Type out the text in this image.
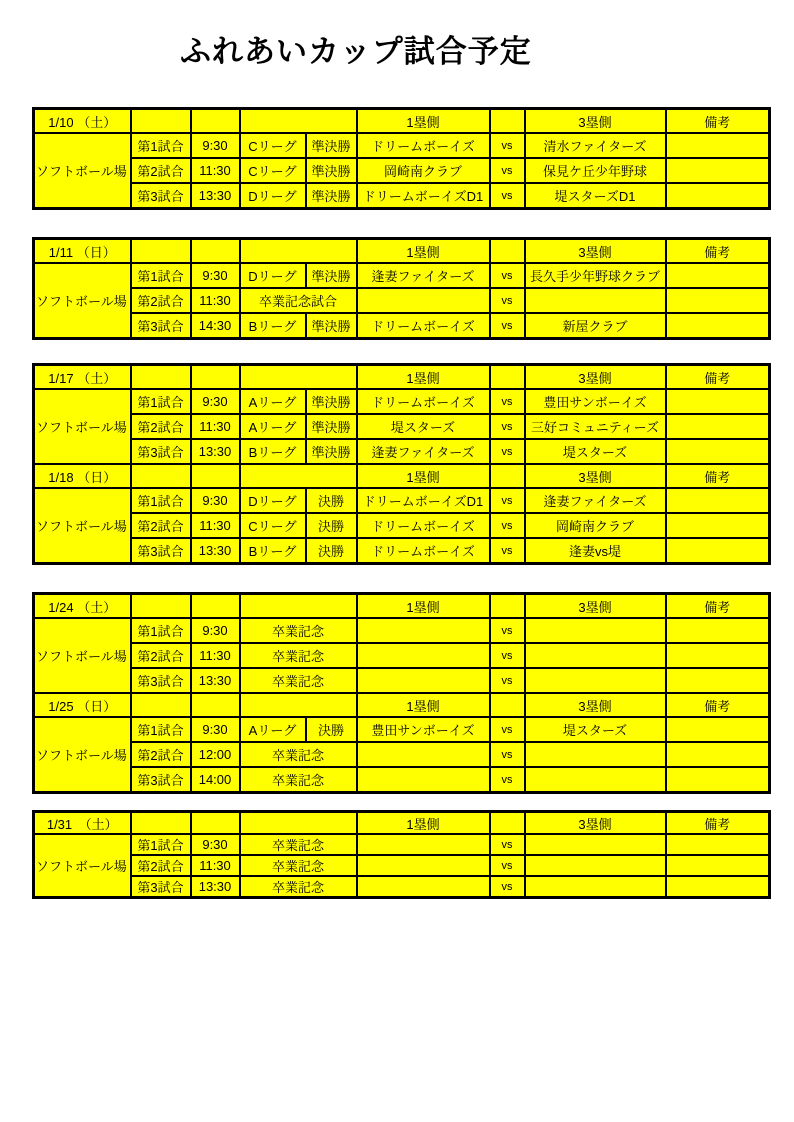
ふれあいカップ試合予定
1/10 （土）					1塁側		3塁側	備考
ソフトボール場	第1試合	9:30	Cリーグ	準決勝	ドリームボーイズ	vs	清水ファイターズ	
	第2試合	11:30	Cリーグ	準決勝	岡崎南クラブ	vs	保見ケ丘少年野球	
	第3試合	13:30	Dリーグ	準決勝	ドリームボーイズD1	vs	堤スターズD1	
1/11 （日）					1塁側		3塁側	備考
ソフトボール場	第1試合	9:30	Dリーグ	準決勝	逢妻ファイターズ	vs	長久手少年野球クラブ	
	第2試合	11:30	卒業記念試合			vs		
	第3試合	14:30	Bリーグ	準決勝	ドリームボーイズ	vs	新屋クラブ	
1/17 （土）					1塁側		3塁側	備考
ソフトボール場	第1試合	9:30	Aリーグ	準決勝	ドリームボーイズ	vs	豊田サンボーイズ	
	第2試合	11:30	Aリーグ	準決勝	堤スターズ	vs	三好コミュニティーズ	
	第3試合	13:30	Bリーグ	準決勝	逢妻ファイターズ	vs	堤スターズ	
1/18 （日）					1塁側		3塁側	備考
ソフトボール場	第1試合	9:30	Dリーグ	決勝	ドリームボーイズD1	vs	逢妻ファイターズ	
	第2試合	11:30	Cリーグ	決勝	ドリームボーイズ	vs	岡崎南クラブ	
	第3試合	13:30	Bリーグ	決勝	ドリームボーイズ	vs	逢妻vs堤	
1/24 （土）					1塁側		3塁側	備考
ソフトボール場	第1試合	9:30	卒業記念			vs		
	第2試合	11:30	卒業記念			vs		
	第3試合	13:30	卒業記念			vs		
1/25 （日）					1塁側		3塁側	備考
ソフトボール場	第1試合	9:30	Aリーグ	決勝	豊田サンボーイズ	vs	堤スターズ	
	第2試合	12:00	卒業記念			vs		
	第3試合	14:00	卒業記念			vs		
1/31　（土）				1塁側		3塁側	備考
ソフトボール場	第1試合	9:30	卒業記念		vs		
	第2試合	11:30	卒業記念		vs		
	第3試合	13:30	卒業記念		vs		
